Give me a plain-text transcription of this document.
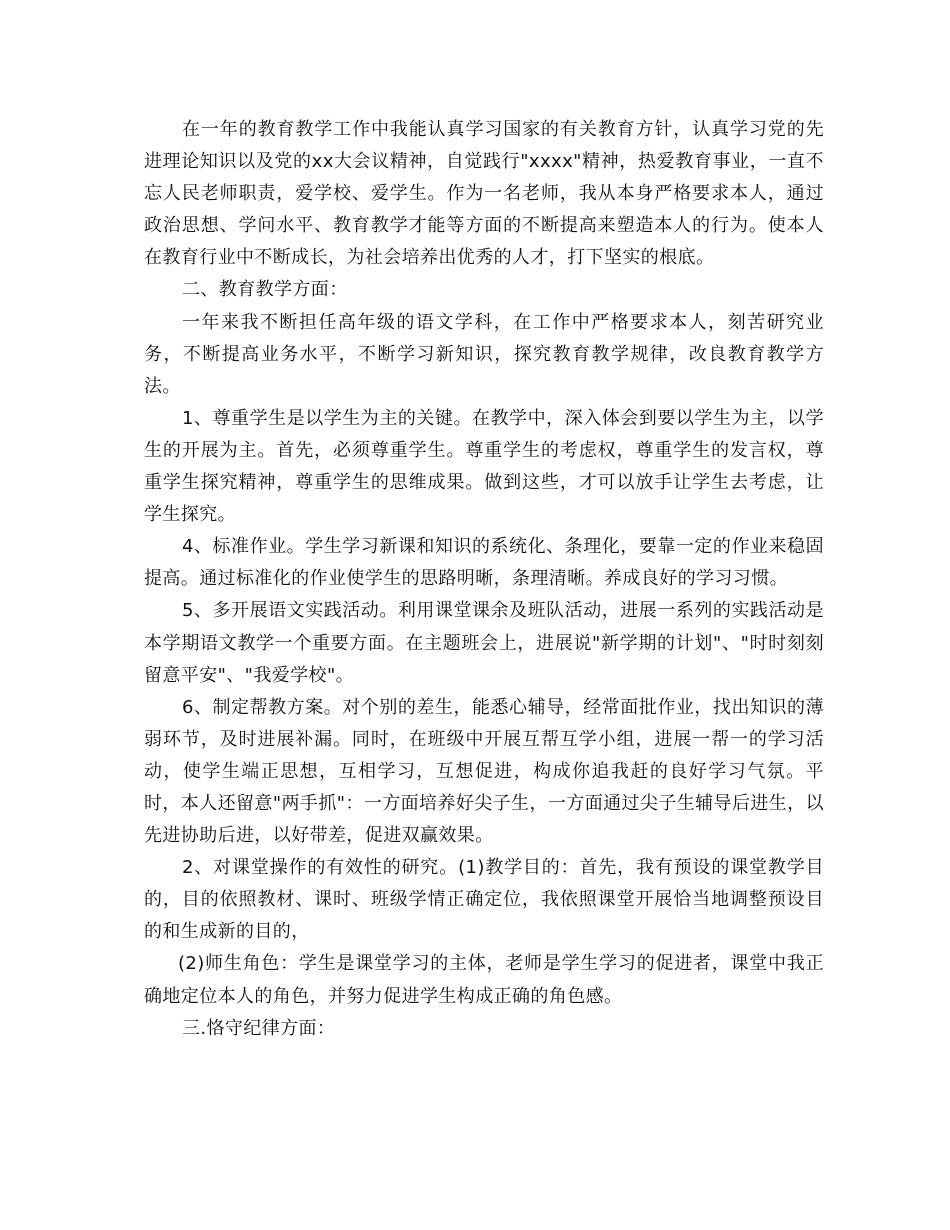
在一年的教育教学工作中我能认真学习国家的有关教育方针，认真学习党的先进理论知识以及党的xx大会议精神，自觉践行"xxxx"精神，热爱教育事业，一直不忘人民老师职责，爱学校、爱学生。作为一名老师，我从本身严格要求本人，通过政治思想、学问水平、教育教学才能等方面的不断提高来塑造本人的行为。使本人在教育行业中不断成长，为社会培养出优秀的人才，打下坚实的根底。

二、教育教学方面：

一年来我不断担任高年级的语文学科，在工作中严格要求本人，刻苦研究业务，不断提高业务水平，不断学习新知识，探究教育教学规律，改良教育教学方法。

1、尊重学生是以学生为主的关键。在教学中，深入体会到要以学生为主，以学生的开展为主。首先，必须尊重学生。尊重学生的考虑权，尊重学生的发言权，尊重学生探究精神，尊重学生的思维成果。做到这些，才可以放手让学生去考虑，让学生探究。

4、标准作业。学生学习新课和知识的系统化、条理化，要靠一定的作业来稳固提高。通过标准化的作业使学生的思路明晰，条理清晰。养成良好的学习习惯。

5、多开展语文实践活动。利用课堂课余及班队活动，进展一系列的实践活动是本学期语文教学一个重要方面。在主题班会上，进展说"新学期的计划"、"时时刻刻留意平安"、"我爱学校"。

6、制定帮教方案。对个别的差生，能悉心辅导，经常面批作业，找出知识的薄弱环节，及时进展补漏。同时，在班级中开展互帮互学小组，进展一帮一的学习活动，使学生端正思想，互相学习，互想促进，构成你追我赶的良好学习气氛。平时，本人还留意"两手抓"：一方面培养好尖子生，一方面通过尖子生辅导后进生，以先进协助后进，以好带差，促进双赢效果。

2、对课堂操作的有效性的研究。(1)教学目的：首先，我有预设的课堂教学目的，目的依照教材、课时、班级学情正确定位，我依照课堂开展恰当地调整预设目的和生成新的目的，

(2)师生角色：学生是课堂学习的主体，老师是学生学习的促进者，课堂中我正确地定位本人的角色，并努力促进学生构成正确的角色感。

三.恪守纪律方面：
